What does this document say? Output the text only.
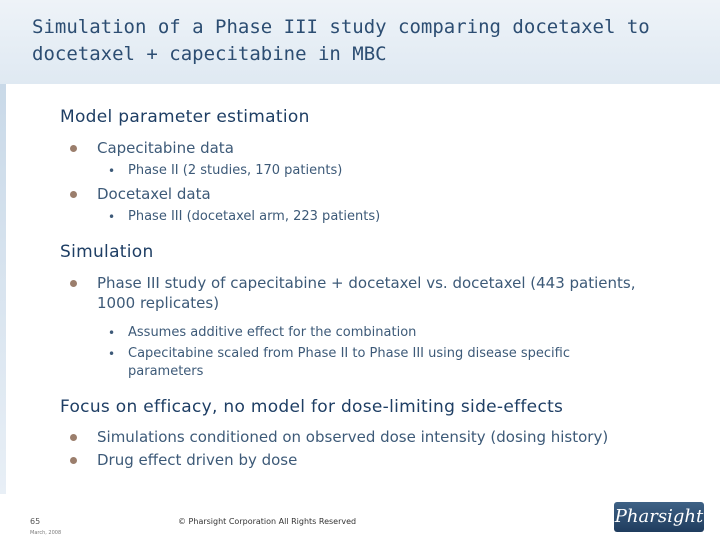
Simulation of a Phase III study comparing docetaxel to docetaxel + capecitabine in MBC
Model parameter estimation
Capecitabine data
• Phase II (2 studies, 170 patients)
Docetaxel data
• Phase III (docetaxel arm, 223 patients)
Simulation
Phase III study of capecitabine + docetaxel vs. docetaxel (443 patients, 1000 replicates)
• Assumes additive effect for the combination
• Capecitabine scaled from Phase II to Phase III using disease specific parameters
Focus on efficacy, no model for dose-limiting side-effects
Simulations conditioned on observed dose intensity (dosing history)
Drug effect driven by dose
65
March, 2008
© Pharsight Corporation All Rights Reserved	Pharsight
